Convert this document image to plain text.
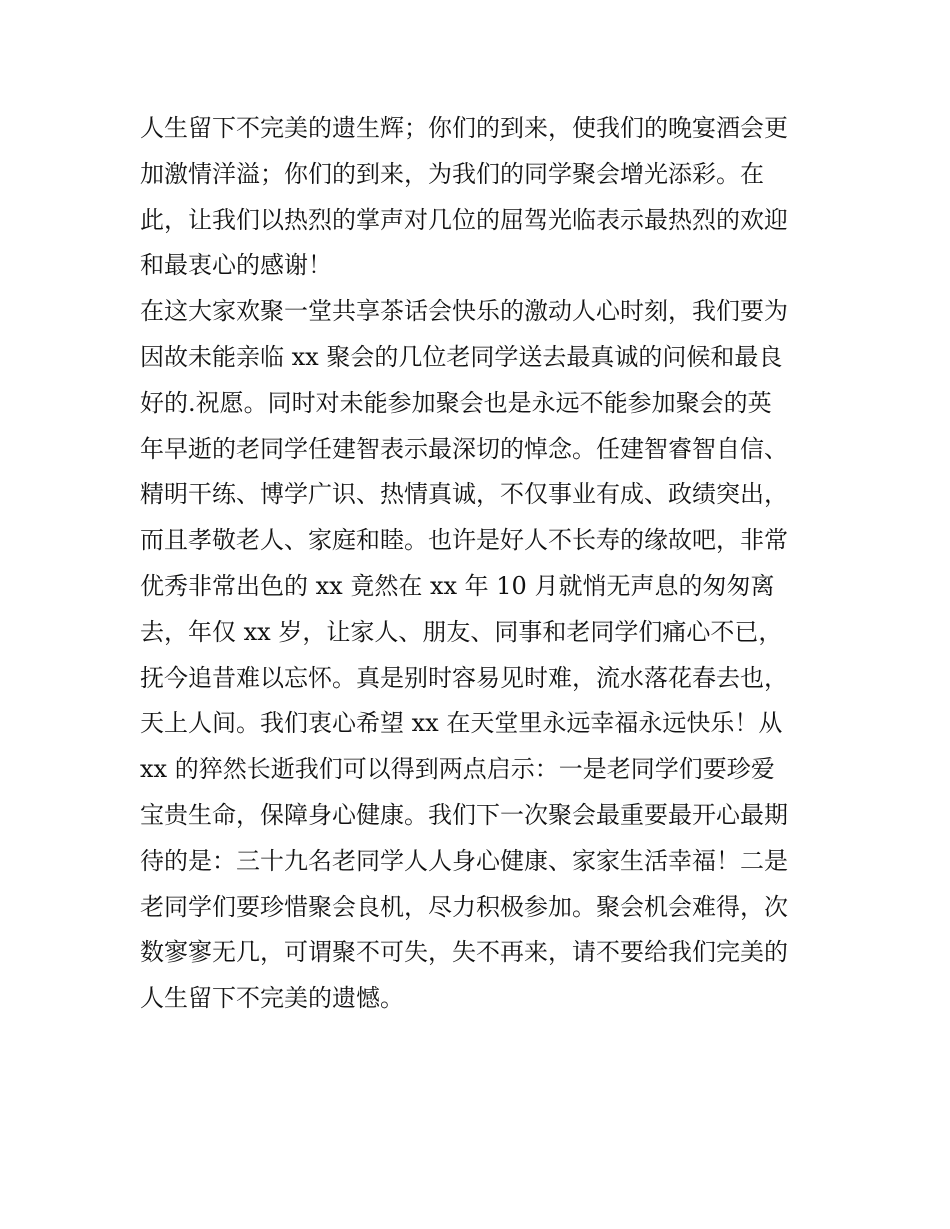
人生留下不完美的遗生辉；你们的到来，使我们的晚宴酒会更
加激情洋溢；你们的到来，为我们的同学聚会增光添彩。在
此，让我们以热烈的掌声对几位的屈驾光临表示最热烈的欢迎
和最衷心的感谢！
在这大家欢聚一堂共享茶话会快乐的激动人心时刻，我们要为
因故未能亲临 xx 聚会的几位老同学送去最真诚的问候和最良
好的.祝愿。同时对未能参加聚会也是永远不能参加聚会的英
年早逝的老同学任建智表示最深切的悼念。任建智睿智自信、
精明干练、博学广识、热情真诚，不仅事业有成、政绩突出，
而且孝敬老人、家庭和睦。也许是好人不长寿的缘故吧，非常
优秀非常出色的 xx 竟然在 xx 年 10 月就悄无声息的匆匆离
去，年仅 xx 岁，让家人、朋友、同事和老同学们痛心不已，
抚今追昔难以忘怀。真是别时容易见时难，流水落花春去也，
天上人间。我们衷心希望 xx 在天堂里永远幸福永远快乐！从
xx 的猝然长逝我们可以得到两点启示：一是老同学们要珍爱
宝贵生命，保障身心健康。我们下一次聚会最重要最开心最期
待的是：三十九名老同学人人身心健康、家家生活幸福！二是
老同学们要珍惜聚会良机，尽力积极参加。聚会机会难得，次
数寥寥无几，可谓聚不可失，失不再来，请不要给我们完美的
人生留下不完美的遗憾。
